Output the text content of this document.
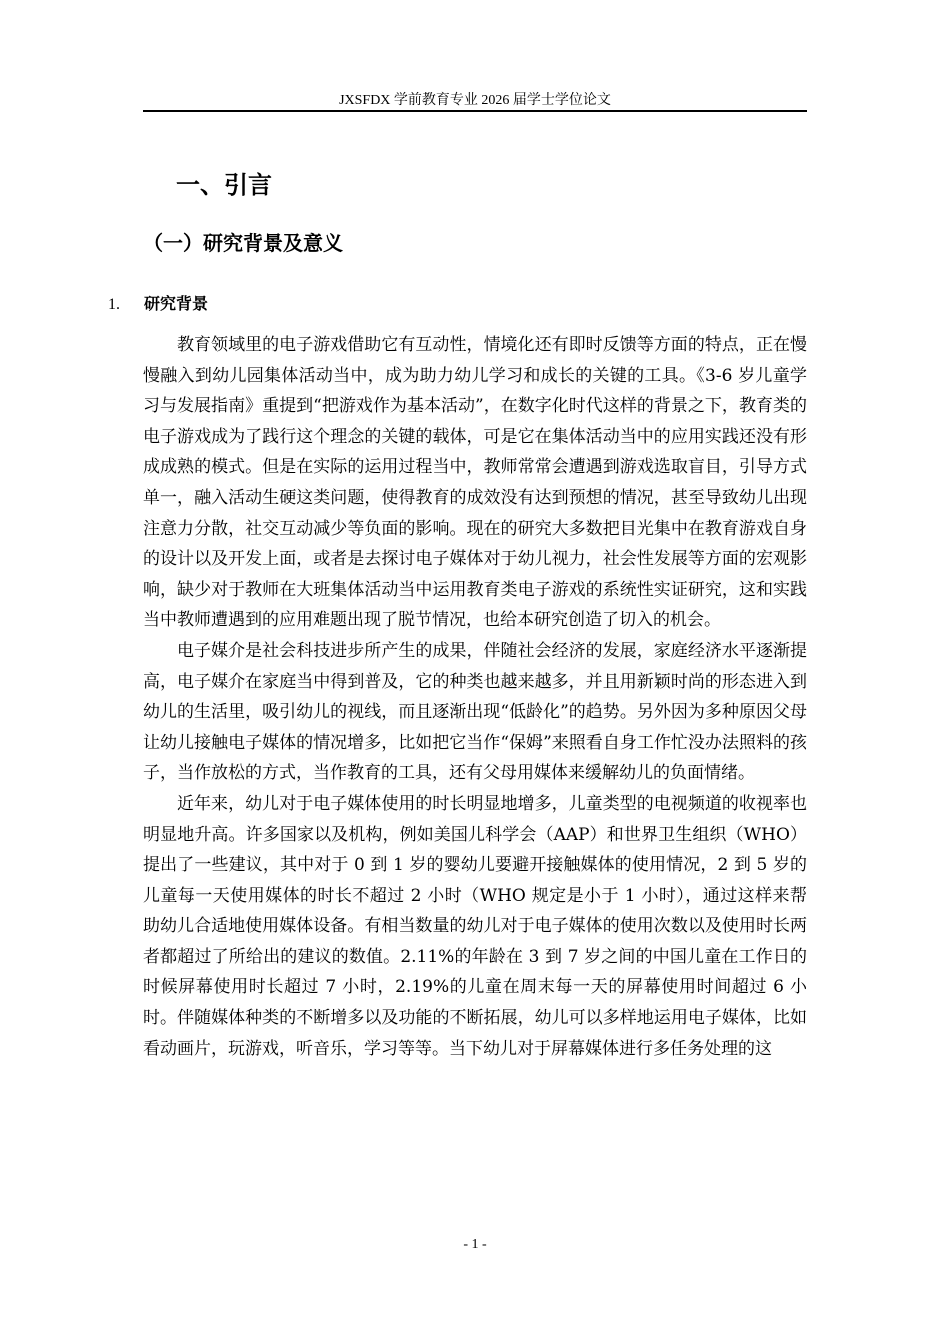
JXSFDX 学前教育专业 2026 届学士学位论文
一、引言
（一）研究背景及意义
1. 研究背景

教育领域里的电子游戏借助它有互动性，情境化还有即时反馈等方面的特点，正在慢慢融入到幼儿园集体活动当中，成为助力幼儿学习和成长的关键的工具。《3-6 岁儿童学习与发展指南》重提到“把游戏作为基本活动”，在数字化时代这样的背景之下，教育类的电子游戏成为了践行这个理念的关键的载体，可是它在集体活动当中的应用实践还没有形成成熟的模式。但是在实际的运用过程当中，教师常常会遭遇到游戏选取盲目，引导方式单一，融入活动生硬这类问题，使得教育的成效没有达到预想的情况，甚至导致幼儿出现注意力分散，社交互动减少等负面的影响。现在的研究大多数把目光集中在教育游戏自身的设计以及开发上面，或者是去探讨电子媒体对于幼儿视力，社会性发展等方面的宏观影响，缺少对于教师在大班集体活动当中运用教育类电子游戏的系统性实证研究，这和实践当中教师遭遇到的应用难题出现了脱节情况，也给本研究创造了切入的机会。

电子媒介是社会科技进步所产生的成果，伴随社会经济的发展，家庭经济水平逐渐提高，电子媒介在家庭当中得到普及，它的种类也越来越多，并且用新颖时尚的形态进入到幼儿的生活里，吸引幼儿的视线，而且逐渐出现“低龄化”的趋势。另外因为多种原因父母让幼儿接触电子媒体的情况增多，比如把它当作“保姆”来照看自身工作忙没办法照料的孩子，当作放松的方式，当作教育的工具，还有父母用媒体来缓解幼儿的负面情绪。

近年来，幼儿对于电子媒体使用的时长明显地增多，儿童类型的电视频道的收视率也明显地升高。许多国家以及机构，例如美国儿科学会（AAP）和世界卫生组织（WHO）提出了一些建议，其中对于 0 到 1 岁的婴幼儿要避开接触媒体的使用情况，2 到 5 岁的儿童每一天使用媒体的时长不超过 2 小时（WHO 规定是小于 1 小时），通过这样来帮助幼儿合适地使用媒体设备。有相当数量的幼儿对于电子媒体的使用次数以及使用时长两者都超过了所给出的建议的数值。2.11%的年龄在 3 到 7 岁之间的中国儿童在工作日的时候屏幕使用时长超过 7 小时，2.19%的儿童在周末每一天的屏幕使用时间超过 6 小时。伴随媒体种类的不断增多以及功能的不断拓展，幼儿可以多样地运用电子媒体，比如看动画片，玩游戏，听音乐，学习等等。当下幼儿对于屏幕媒体进行多任务处理的这

- 1 -
